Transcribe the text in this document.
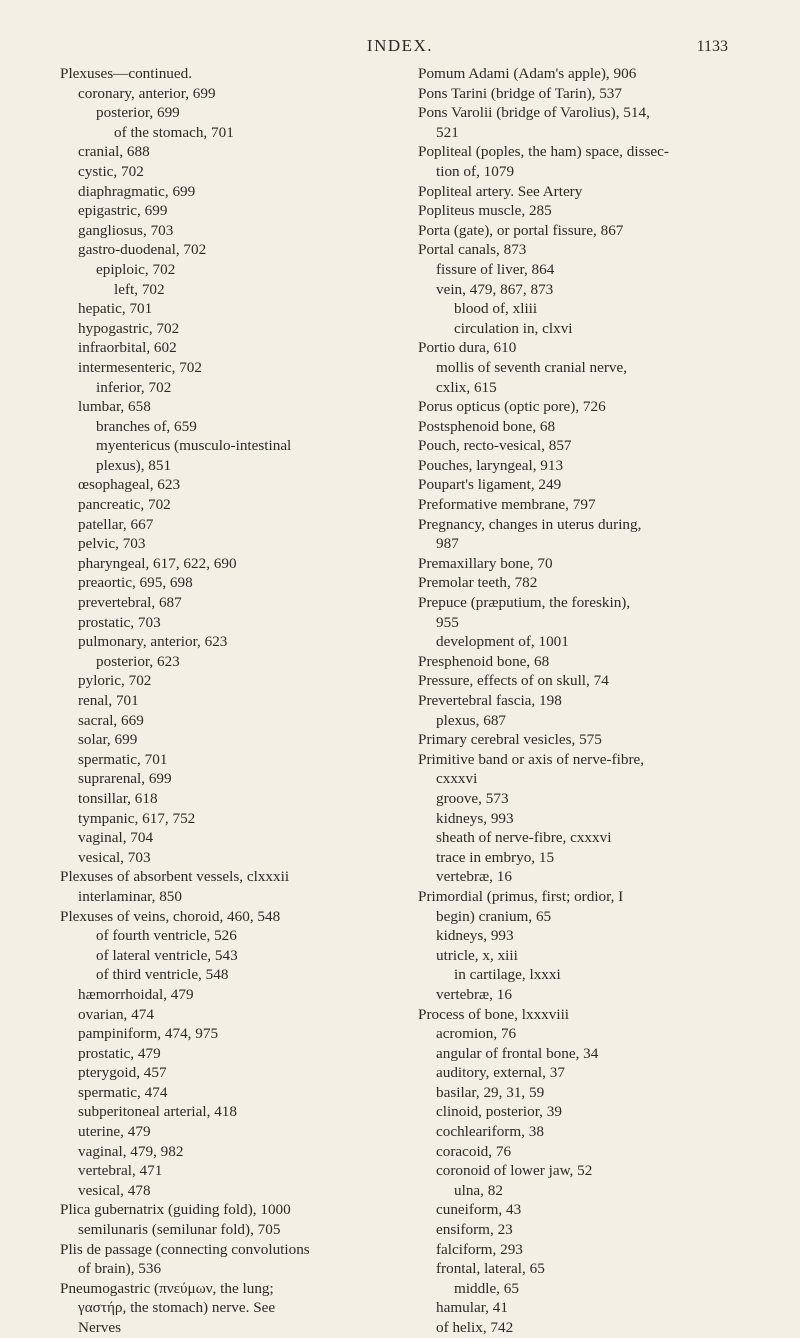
INDEX.	1133
Plexuses—continued.
coronary, anterior, 699
posterior, 699
of the stomach, 701
cranial, 688
cystic, 702
diaphragmatic, 699
epigastric, 699
gangliosus, 703
gastro-duodenal, 702
epiploic, 702
left, 702
hepatic, 701
hypogastric, 702
infraorbital, 602
intermesenteric, 702
inferior, 702
lumbar, 658
branches of, 659
myentericus (musculo-intestinal
plexus), 851
œsophageal, 623
pancreatic, 702
patellar, 667
pelvic, 703
pharyngeal, 617, 622, 690
preaortic, 695, 698
prevertebral, 687
prostatic, 703
pulmonary, anterior, 623
posterior, 623
pyloric, 702
renal, 701
sacral, 669
solar, 699
spermatic, 701
suprarenal, 699
tonsillar, 618
tympanic, 617, 752
vaginal, 704
vesical, 703
Plexuses of absorbent vessels, clxxxii
interlaminar, 850
Plexuses of veins, choroid, 460, 548
of fourth ventricle, 526
of lateral ventricle, 543
of third ventricle, 548
hæmorrhoidal, 479
ovarian, 474
pampiniform, 474, 975
prostatic, 479
pterygoid, 457
spermatic, 474
subperitoneal arterial, 418
uterine, 479
vaginal, 479, 982
vertebral, 471
vesical, 478
Plica gubernatrix (guiding fold), 1000
semilunaris (semilunar fold), 705
Plis de passage (connecting convolutions
of brain), 536
Pneumogastric (πνεύμων, the lung;
γαστήρ, the stomach) nerve. See
Nerves
Pomum Adami (Adam's apple), 906
Pons Tarini (bridge of Tarin), 537
Pons Varolii (bridge of Varolius), 514,
521
Popliteal (poples, the ham) space, dissec-
tion of, 1079
Popliteal artery. See Artery
Popliteus muscle, 285
Porta (gate), or portal fissure, 867
Portal canals, 873
fissure of liver, 864
vein, 479, 867, 873
blood of, xliii
circulation in, clxvi
Portio dura, 610
mollis of seventh cranial nerve,
cxlix, 615
Porus opticus (optic pore), 726
Postsphenoid bone, 68
Pouch, recto-vesical, 857
Pouches, laryngeal, 913
Poupart's ligament, 249
Preformative membrane, 797
Pregnancy, changes in uterus during,
987
Premaxillary bone, 70
Premolar teeth, 782
Prepuce (præputium, the foreskin),
955
development of, 1001
Presphenoid bone, 68
Pressure, effects of on skull, 74
Prevertebral fascia, 198
plexus, 687
Primary cerebral vesicles, 575
Primitive band or axis of nerve-fibre,
cxxxvi
groove, 573
kidneys, 993
sheath of nerve-fibre, cxxxvi
trace in embryo, 15
vertebræ, 16
Primordial (primus, first; ordior, I
begin) cranium, 65
kidneys, 993
utricle, x, xiii
in cartilage, lxxxi
vertebræ, 16
Process of bone, lxxxviii
acromion, 76
angular of frontal bone, 34
auditory, external, 37
basilar, 29, 31, 59
clinoid, posterior, 39
cochleariform, 38
coracoid, 76
coronoid of lower jaw, 52
ulna, 82
cuneiform, 43
ensiform, 23
falciform, 293
frontal, lateral, 65
middle, 65
hamular, 41
of helix, 742
